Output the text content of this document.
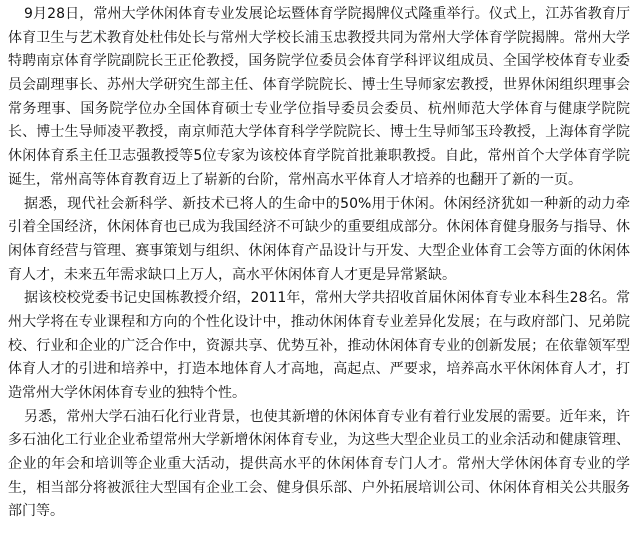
9月28日，常州大学休闲体育专业发展论坛暨体育学院揭牌仪式隆重举行。仪式上，江苏省教育厅
体育卫生与艺术教育处杜伟处长与常州大学校长浦玉忠教授共同为常州大学体育学院揭牌。常州大学
特聘南京体育学院副院长王正伦教授，国务院学位委员会体育学科评议组成员、全国学校体育专业委
员会副理事长、苏州大学研究生部主任、体育学院院长、博士生导师家宏教授，世界休闲组织理事会
常务理事、国务院学位办全国体育硕士专业学位指导委员会委员、杭州师范大学体育与健康学院院
长、博士生导师凌平教授，南京师范大学体育科学学院院长、博士生导师邹玉玲教授，上海体育学院
休闲体育系主任卫志强教授等5位专家为该校体育学院首批兼职教授。自此，常州首个大学体育学院
诞生，常州高等体育教育迈上了崭新的台阶，常州高水平体育人才培养的也翻开了新的一页。
据悉，现代社会新科学、新技术已将人的生命中的50%用于休闲。休闲经济犹如一种新的动力牵
引着全国经济，休闲体育也已成为我国经济不可缺少的重要组成部分。休闲体育健身服务与指导、休
闲体育经营与管理、赛事策划与组织、休闲体育产品设计与开发、大型企业体育工会等方面的休闲体
育人才，未来五年需求缺口上万人，高水平休闲体育人才更是异常紧缺。
据该校校党委书记史国栋教授介绍，2011年，常州大学共招收首届休闲体育专业本科生28名。常
州大学将在专业课程和方向的个性化设计中，推动休闲体育专业差异化发展；在与政府部门、兄弟院
校、行业和企业的广泛合作中，资源共享、优势互补，推动休闲体育专业的创新发展；在依靠领军型
体育人才的引进和培养中，打造本地体育人才高地，高起点、严要求，培养高水平休闲体育人才，打
造常州大学休闲体育专业的独特个性。
另悉，常州大学石油石化行业背景，也使其新增的休闲体育专业有着行业发展的需要。近年来，许
多石油化工行业企业希望常州大学新增休闲体育专业，为这些大型企业员工的业余活动和健康管理、
企业的年会和培训等企业重大活动，提供高水平的休闲体育专门人才。常州大学休闲体育专业的学
生，相当部分将被派往大型国有企业工会、健身俱乐部、户外拓展培训公司、休闲体育相关公共服务
部门等。
